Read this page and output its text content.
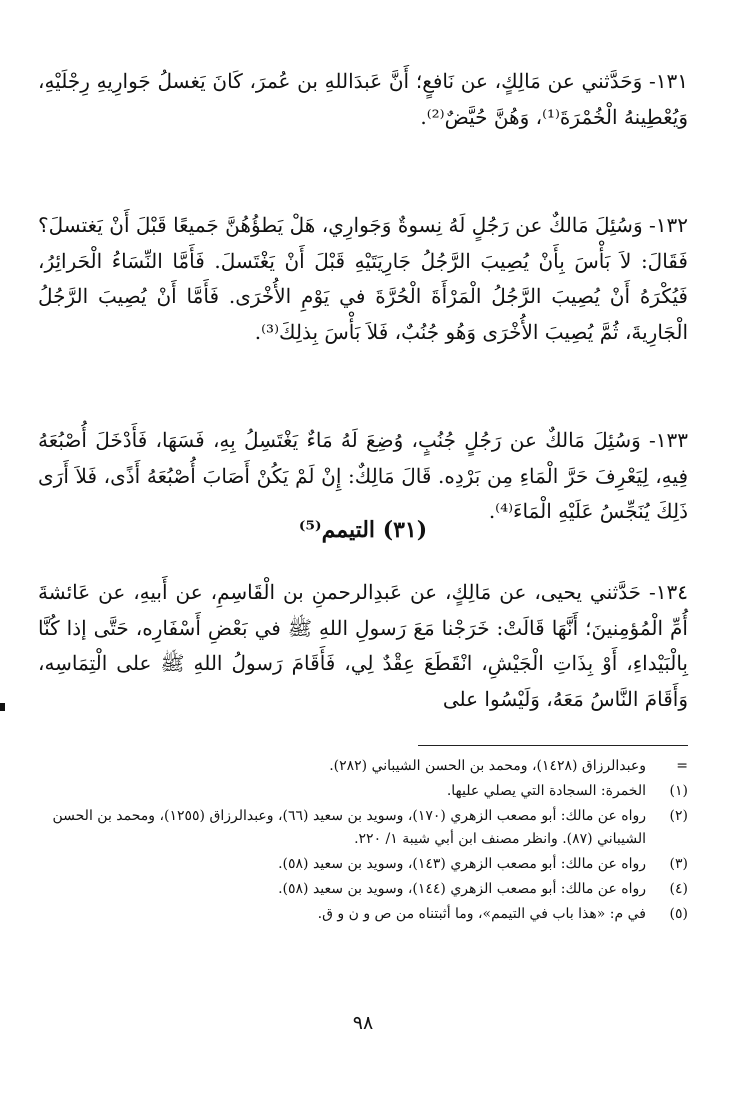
١٣١- وَحَدَّثني عن مَالِكٍ، عن نَافعٍ؛ أَنَّ عَبدَاللهِ بن عُمرَ، كَانَ يَغسلُ جَوارِيهِ رِجْلَيْهِ، وَيُعْطِينهُ الْخُمْرَةَ⁽¹⁾، وَهُنَّ حُيَّضٌ⁽²⁾.

١٣٢- وَسُئِلَ مَالكٌ عن رَجُلٍ لَهُ نِسوةٌ وَجَوارِي، هَلْ يَطؤُهُنَّ جَميعًا قَبْلَ أَنْ يَغتسلَ؟ فَقَالَ: لاَ بَأْسَ بِأَنْ يُصِيبَ الرَّجُلُ جَارِيَتَيْهِ قَبْلَ أَنْ يَغْتَسلَ. فَأَمَّا النِّسَاءُ الْحَرائِرُ، فَيُكْرَهُ أَنْ يُصِيبَ الرَّجُلُ الْمَرْأَةَ الْحُرَّةَ في يَوْمِ الأُخْرَى. فَأَمَّا أَنْ يُصِيبَ الرَّجُلُ الْجَارِيةَ، ثُمَّ يُصِيبَ الأُخْرَى وَهُو جُنُبٌ، فَلاَ بَأْسَ بِذلِكَ⁽³⁾.

١٣٣- وَسُئِلَ مَالكٌ عن رَجُلٍ جُنُبٍ، وُضِعَ لَهُ مَاءٌ يَغْتَسِلُ بِهِ، فَسَهَا، فَأَدْخَلَ أُصْبُعَهُ فِيهِ، لِيَعْرِفَ حَرَّ الْمَاءِ مِن بَرْدِه. قَالَ مَالِكٌ: إِنْ لَمْ يَكُنْ أَصَابَ أُصْبُعَهُ أَذًى، فَلاَ أَرَى ذَلِكَ يُنَجِّسُ عَلَيْهِ الْمَاءَ⁽⁴⁾.

(٣١) التيمم⁽⁵⁾

١٣٤- حَدَّثني يحيى، عن مَالِكٍ، عن عَبدِالرحمنِ بن الْقَاسِمِ، عن أَبيهِ، عن عَائشةَ أُمِّ الْمُؤمِنينَ؛ أَنَّهَا قَالَتْ: خَرَجْنا مَعَ رَسولِ اللهِ ﷺ في بَعْضِ أَسْفَارِه، حَتَّى إذا كُنَّا بِالْبَيْداءِ، أَوْ بِذَاتِ الْجَيْشِ، انْقَطَعَ عِقْدٌ لِي، فَأَقَامَ رَسولُ اللهِ ﷺ على الْتِمَاسِه، وَأَقَامَ النَّاسُ مَعَهُ، وَلَيْسُوا على

=
وعبدالرزاق (١٤٢٨)، ومحمد بن الحسن الشيباني (٢٨٢).
(١)
الخمرة: السجادة التي يصلي عليها.
(٢)
رواه عن مالك: أبو مصعب الزهري (١٧٠)، وسويد بن سعيد (٦٦)، وعبدالرزاق (١٢٥٥)، ومحمد بن الحسن الشيباني (٨٧). وانظر مصنف ابن أبي شيبة ١/ ٢٢٠.
(٣)
رواه عن مالك: أبو مصعب الزهري (١٤٣)، وسويد بن سعيد (٥٨).
(٤)
رواه عن مالك: أبو مصعب الزهري (١٤٤)، وسويد بن سعيد (٥٨).
(٥)
في م: «هذا باب في التيمم»، وما أثبتناه من ص و ن و ق.

٩٨
